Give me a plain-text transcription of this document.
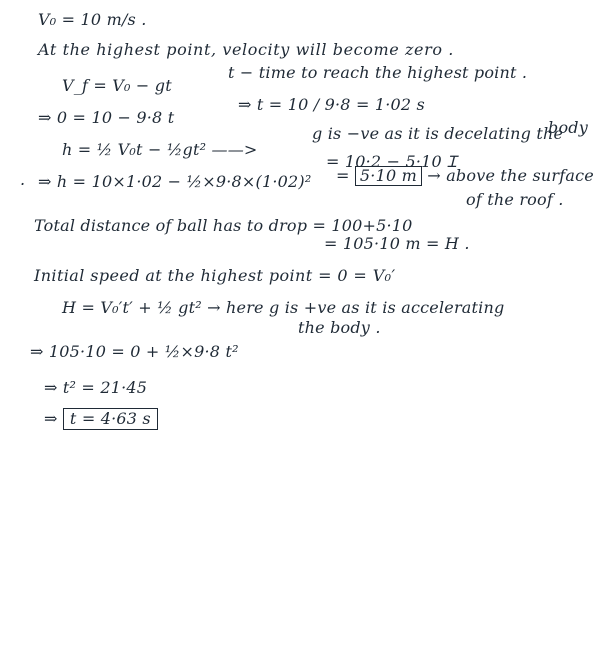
V₀ = 10 m/s .
At the highest point, velocity will become zero .
V_f = V₀ − gt
t − time to reach the highest point .
⇒ 0 = 10 − 9·8 t
⇒ t = 10 / 9·8 = 1·02 s
h = ½ V₀t − ½gt² ——>
g is −ve as it is decelating the
body
. ⇒ h = 10×1·02 − ½×9·8×(1·02)²
= 10·2 − 5·10 Ɪ
= 5·10 m → above the surface
of the roof .
Total distance of ball has to drop = 100+5·10
= 105·10 m = H .
Initial speed at the highest point = 0 = V₀′
H = V₀′t′ + ½ gt² → here g is +ve as it is accelerating
the body .
⇒ 105·10 = 0 + ½×9·8 t²
⇒ t² = 21·45
⇒ t = 4·63 s
